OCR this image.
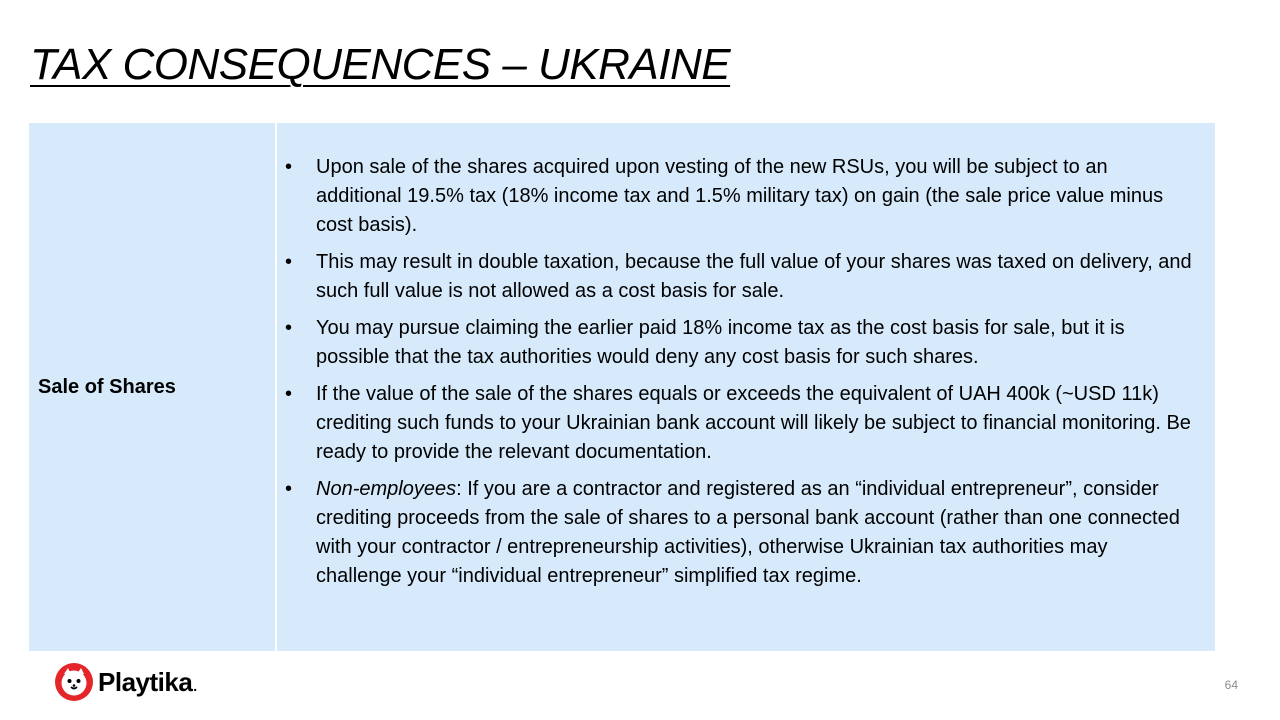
TAX CONSEQUENCES – UKRAINE
Sale of Shares
• Upon sale of the shares acquired upon vesting of the new RSUs, you will be subject to an additional 19.5% tax (18% income tax and 1.5% military tax) on gain (the sale price value minus cost basis).
• This may result in double taxation, because the full value of your shares was taxed on delivery, and such full value is not allowed as a cost basis for sale.
• You may pursue claiming the earlier paid 18% income tax as the cost basis for sale, but it is possible that the tax authorities would deny any cost basis for such shares.
• If the value of the sale of the shares equals or exceeds the equivalent of UAH 400k (~USD 11k) crediting such funds to your Ukrainian bank account will likely be subject to financial monitoring. Be ready to provide the relevant documentation.
• Non-employees: If you are a contractor and registered as an “individual entrepreneur”, consider crediting proceeds from the sale of shares to a personal bank account (rather than one connected with your contractor / entrepreneurship activities), otherwise Ukrainian tax authorities may challenge your “individual entrepreneur” simplified tax regime.
Playtika .	64
